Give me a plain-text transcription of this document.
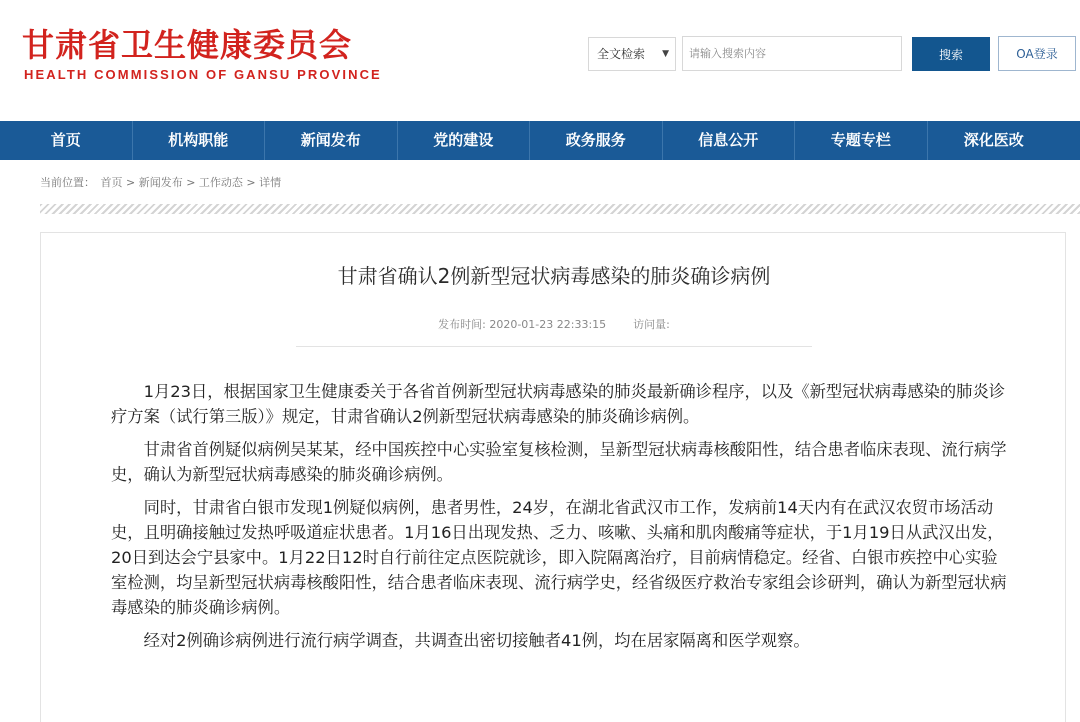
甘肃省卫生健康委员会
HEALTH COMMISSION OF GANSU PROVINCE
全文检索 ▼
请输入搜索内容	搜索	OA登录
首页	机构职能	新闻发布	党的建设	政务服务	信息公开	专题专栏	深化医改
当前位置： 首页 > 新闻发布 > 工作动态 > 详情
甘肃省确认2例新型冠状病毒感染的肺炎确诊病例
发布时间: 2020-01-23 22:33:15 访问量:

1月23日，根据国家卫生健康委关于各省首例新型冠状病毒感染的肺炎最新确诊程序，以及《新型冠状病毒感染的肺炎诊疗方案（试行第三版）》规定，甘肃省确认2例新型冠状病毒感染的肺炎确诊病例。

甘肃省首例疑似病例吴某某，经中国疾控中心实验室复核检测，呈新型冠状病毒核酸阳性，结合患者临床表现、流行病学史，确认为新型冠状病毒感染的肺炎确诊病例。

同时，甘肃省白银市发现1例疑似病例，患者男性，24岁，在湖北省武汉市工作，发病前14天内有在武汉农贸市场活动史，且明确接触过发热呼吸道症状患者。1月16日出现发热、乏力、咳嗽、头痛和肌肉酸痛等症状，于1月19日从武汉出发，20日到达会宁县家中。1月22日12时自行前往定点医院就诊，即入院隔离治疗，目前病情稳定。经省、白银市疾控中心实验室检测，均呈新型冠状病毒核酸阳性，结合患者临床表现、流行病学史，经省级医疗救治专家组会诊研判，确认为新型冠状病毒感染的肺炎确诊病例。

经对2例确诊病例进行流行病学调查，共调查出密切接触者41例，均在居家隔离和医学观察。
